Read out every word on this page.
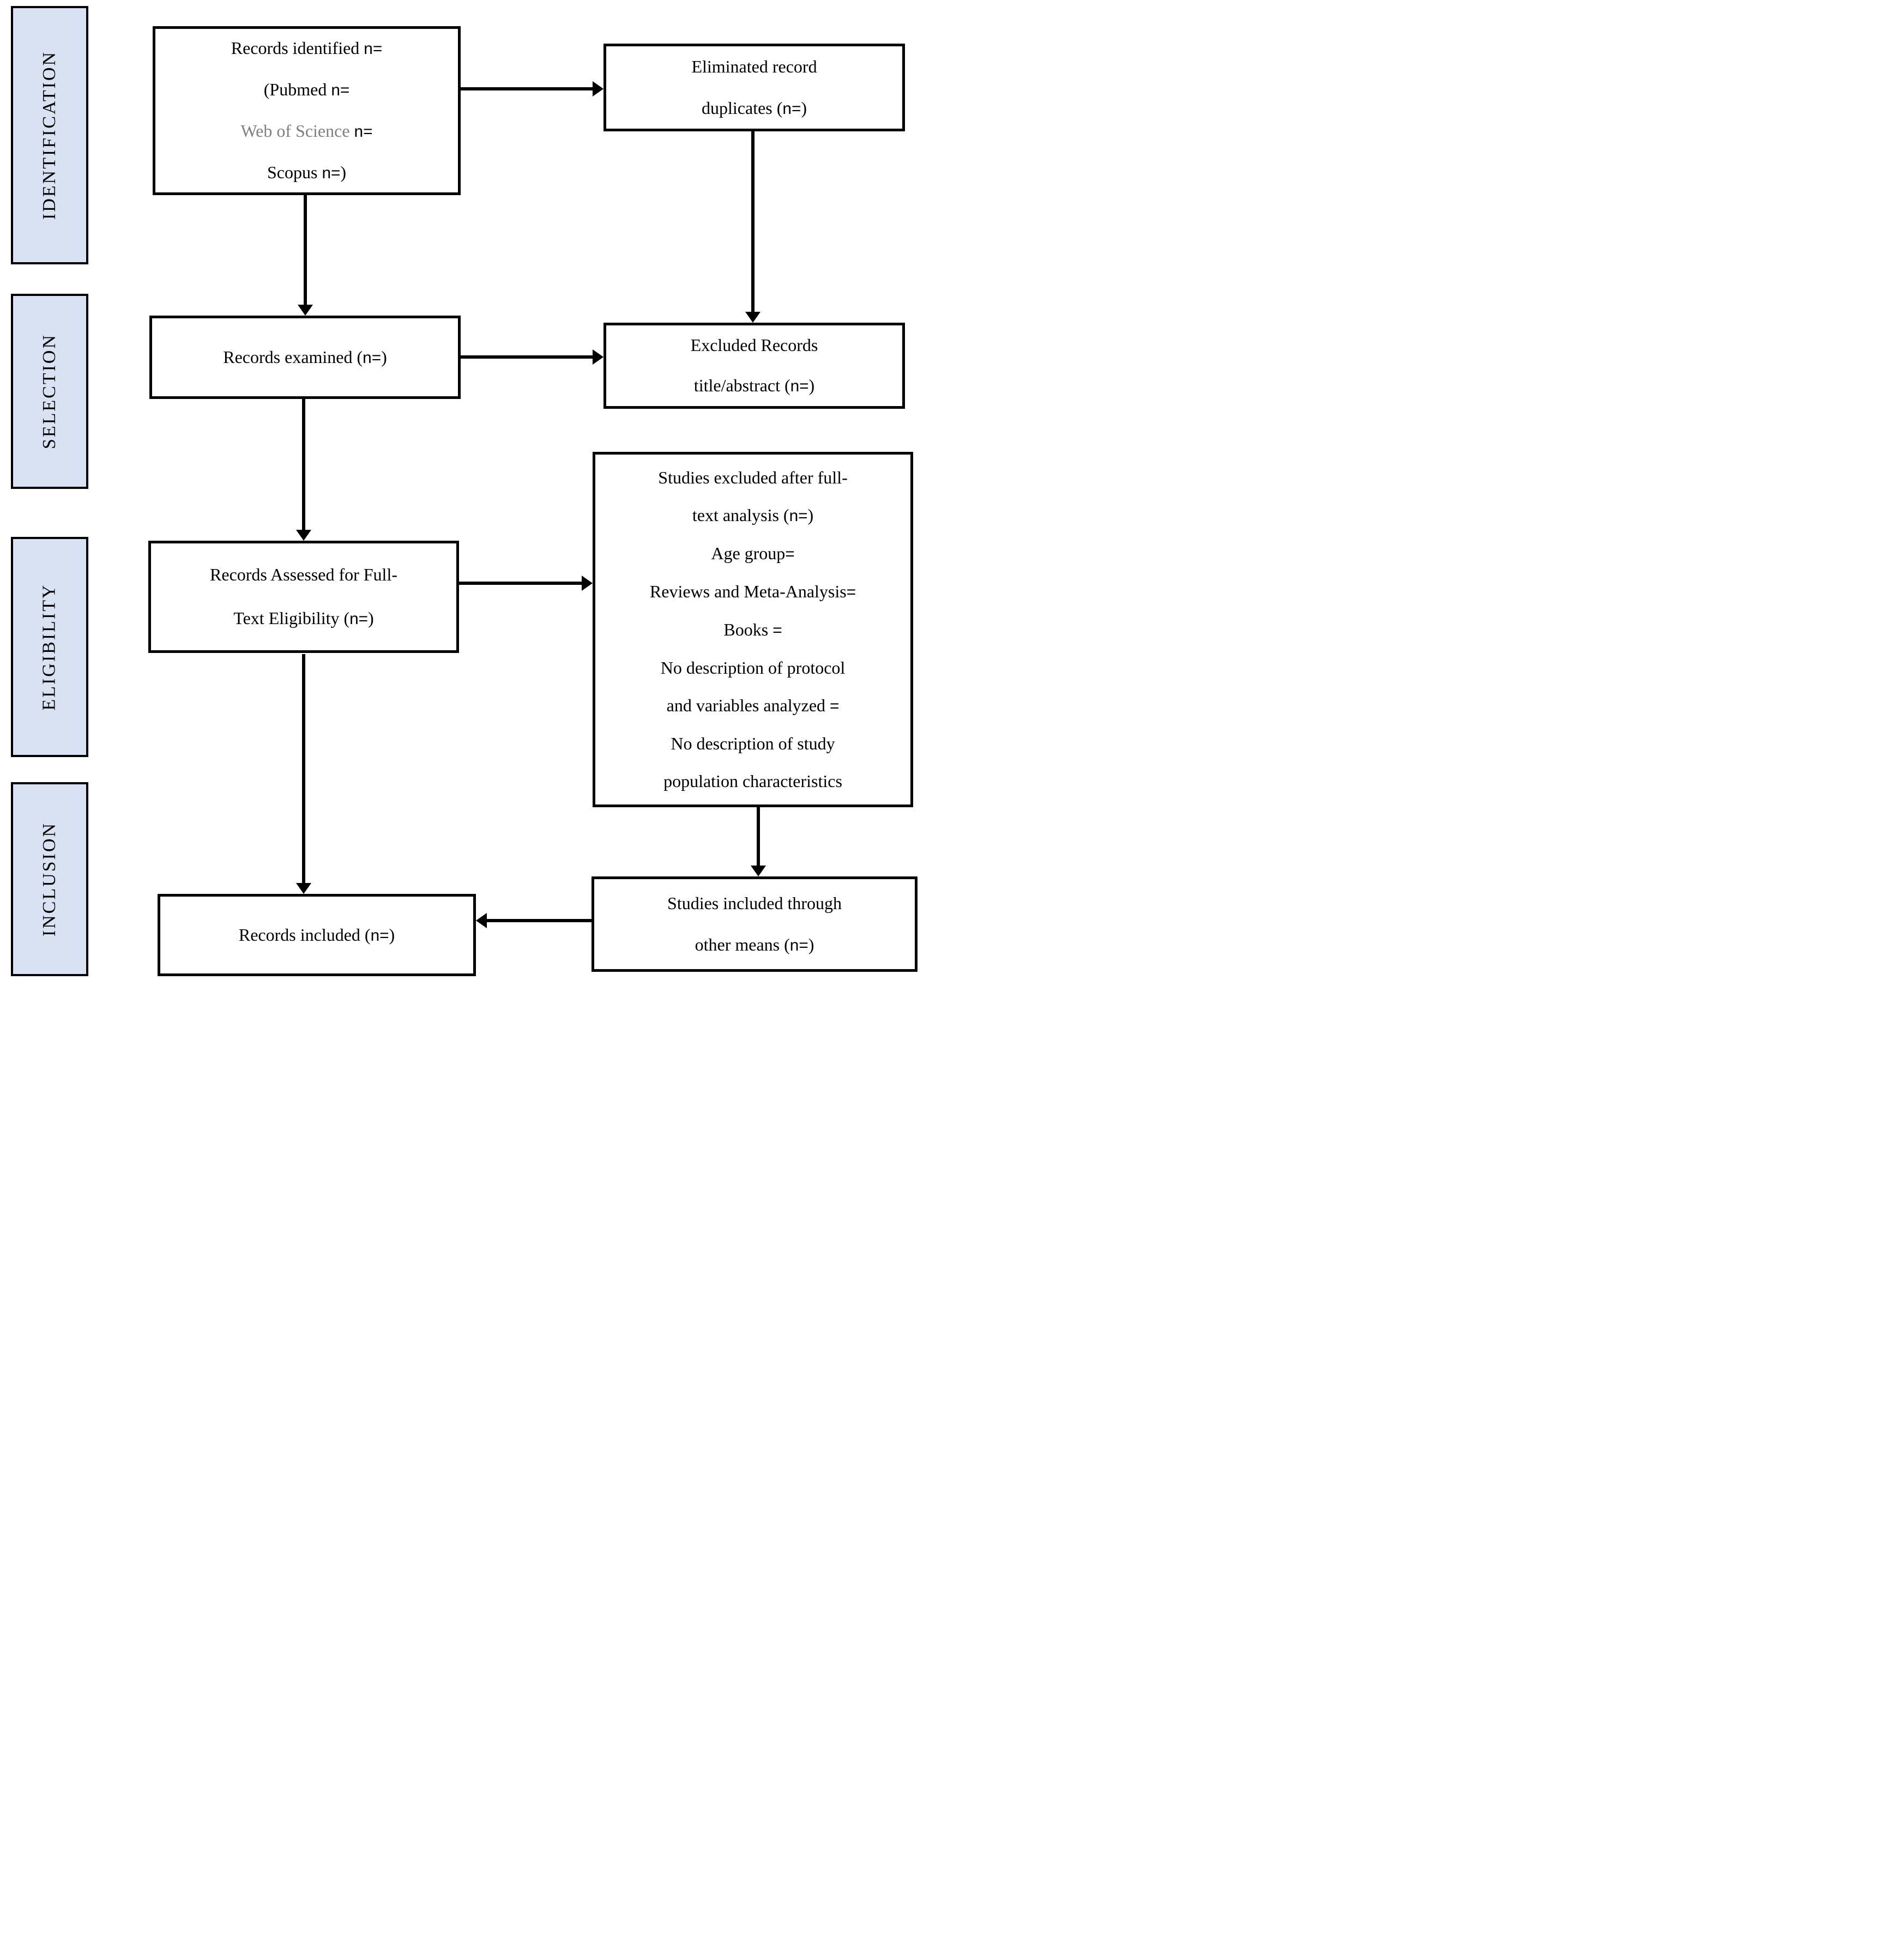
IDENTIFICATION
SELECTION
ELIGIBILITY
INCLUSION
Records identified n=
(Pubmed n=
Web of Science n=
Scopus n=)
Eliminated record
duplicates (n=)
Records examined (n=)
Excluded Records
title/abstract (n=)
Records Assessed for Full-
Text Eligibility (n=)
Studies excluded after full-
text analysis (n=)
Age group=
Reviews and Meta-Analysis=
Books =
No description of protocol
and variables analyzed =
No description of study
population characteristics
Records included (n=)
Studies included through
other means (n=)
